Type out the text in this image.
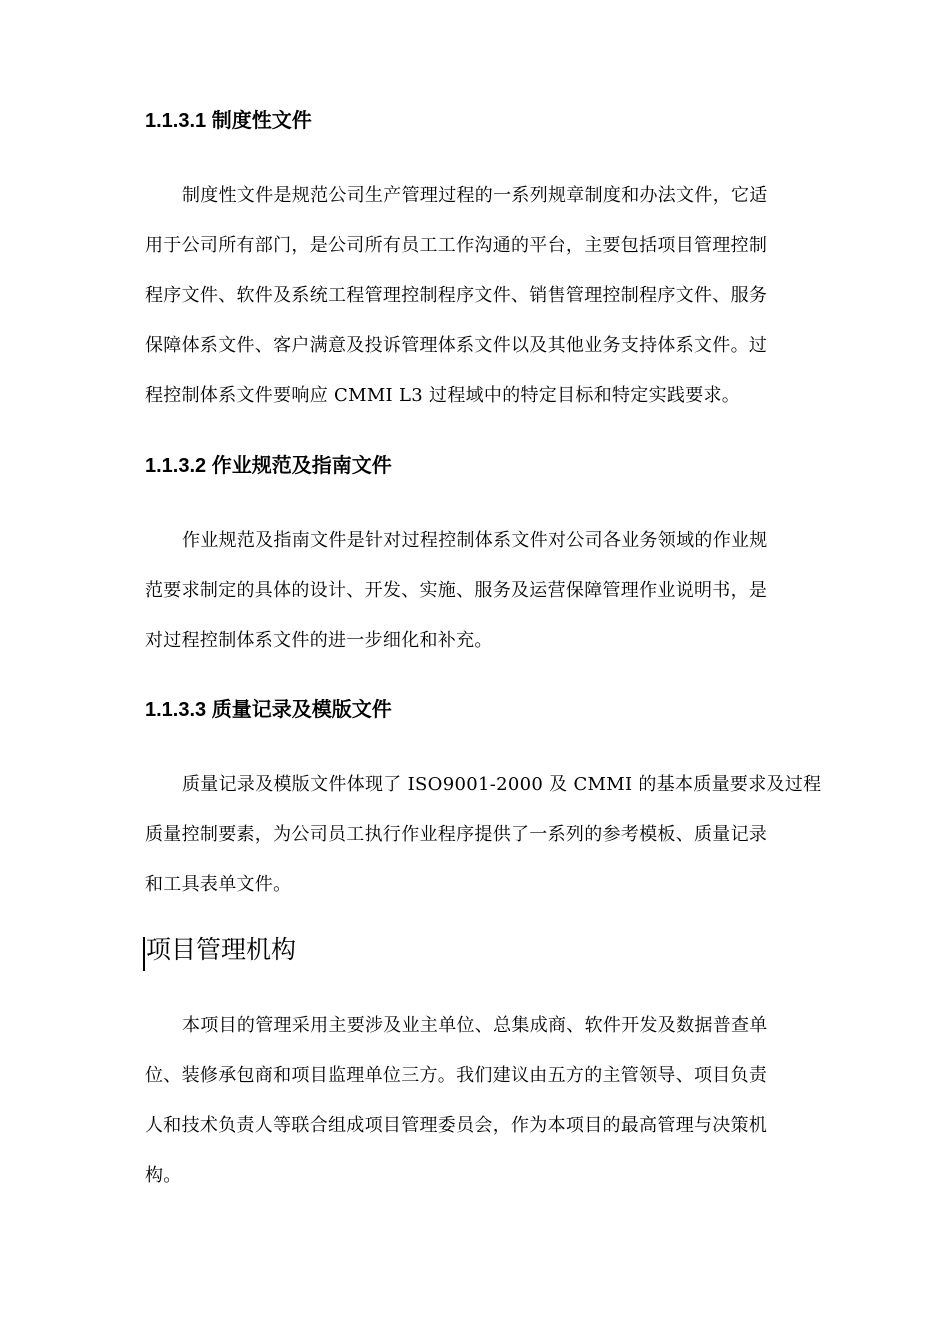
1.1.3.1 制度性文件
制度性文件是规范公司生产管理过程的一系列规章制度和办法文件，它适
用于公司所有部门，是公司所有员工工作沟通的平台，主要包括项目管理控制
程序文件、软件及系统工程管理控制程序文件、销售管理控制程序文件、服务
保障体系文件、客户满意及投诉管理体系文件以及其他业务支持体系文件。过
程控制体系文件要响应 CMMI L3 过程域中的特定目标和特定实践要求。
1.1.3.2 作业规范及指南文件
作业规范及指南文件是针对过程控制体系文件对公司各业务领域的作业规
范要求制定的具体的设计、开发、实施、服务及运营保障管理作业说明书，是
对过程控制体系文件的进一步细化和补充。
1.1.3.3 质量记录及模版文件
质量记录及模版文件体现了 ISO9001-2000 及 CMMI 的基本质量要求及过程
质量控制要素，为公司员工执行作业程序提供了一系列的参考模板、质量记录
和工具表单文件。
项目管理机构
本项目的管理采用主要涉及业主单位、总集成商、软件开发及数据普查单
位、装修承包商和项目监理单位三方。我们建议由五方的主管领导、项目负责
人和技术负责人等联合组成项目管理委员会，作为本项目的最高管理与决策机
构。
